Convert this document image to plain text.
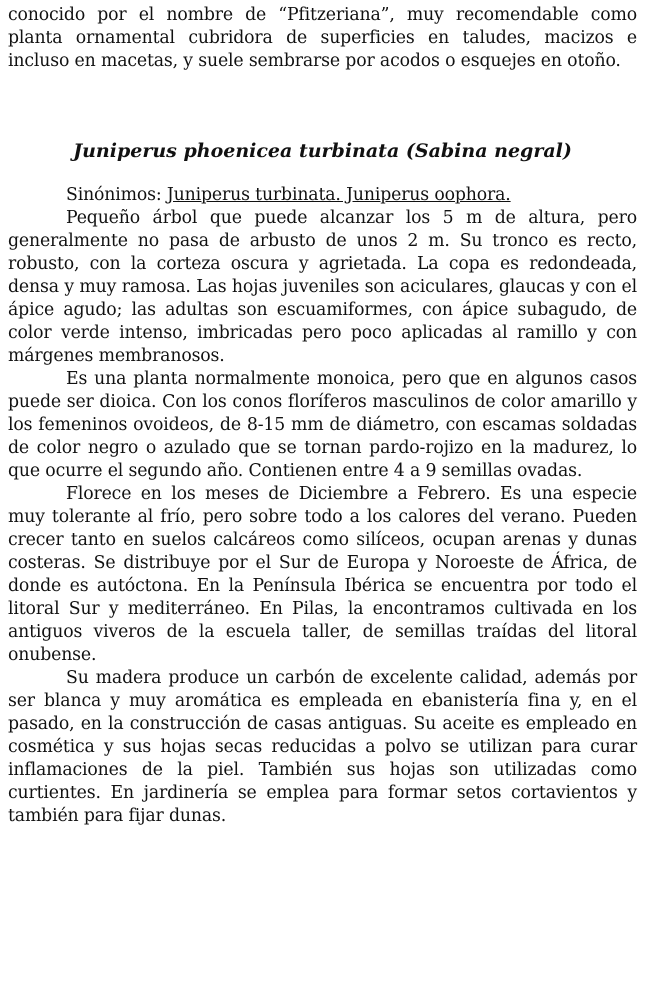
conocido por el nombre de “Pfitzeriana”, muy recomendable como planta ornamental cubridora de superficies en taludes, macizos e incluso en macetas, y suele sembrarse por acodos o esquejes en otoño.

Juniperus phoenicea turbinata (Sabina negral)

Sinónimos: Juniperus turbinata. Juniperus oophora.

Pequeño árbol que puede alcanzar los 5 m de altura, pero generalmente no pasa de arbusto de unos 2 m. Su tronco es recto, robusto, con la corteza oscura y agrietada. La copa es redondeada, densa y muy ramosa. Las hojas juveniles son aciculares, glaucas y con el ápice agudo; las adultas son escuamiformes, con ápice subagudo, de color verde intenso, imbricadas pero poco aplicadas al ramillo y con márgenes membranosos.

Es una planta normalmente monoica, pero que en algunos casos puede ser dioica. Con los conos floríferos masculinos de color amarillo y los femeninos ovoideos, de 8-15 mm de diámetro, con escamas soldadas de color negro o azulado que se tornan pardo-rojizo en la madurez, lo que ocurre el segundo año. Contienen entre 4 a 9 semillas ovadas.

Florece en los meses de Diciembre a Febrero. Es una especie muy tolerante al frío, pero sobre todo a los calores del verano. Pueden crecer tanto en suelos calcáreos como silíceos, ocupan arenas y dunas costeras. Se distribuye por el Sur de Europa y Noroeste de África, de donde es autóctona. En la Península Ibérica se encuentra por todo el litoral Sur y mediterráneo. En Pilas, la encontramos cultivada en los antiguos viveros de la escuela taller, de semillas traídas del litoral onubense.

Su madera produce un carbón de excelente calidad, además por ser blanca y muy aromática es empleada en ebanistería fina y, en el pasado, en la construcción de casas antiguas. Su aceite es empleado en cosmética y sus hojas secas reducidas a polvo se utilizan para curar inflamaciones de la piel. También sus hojas son utilizadas como curtientes. En jardinería se emplea para formar setos cortavientos y también para fijar dunas.
